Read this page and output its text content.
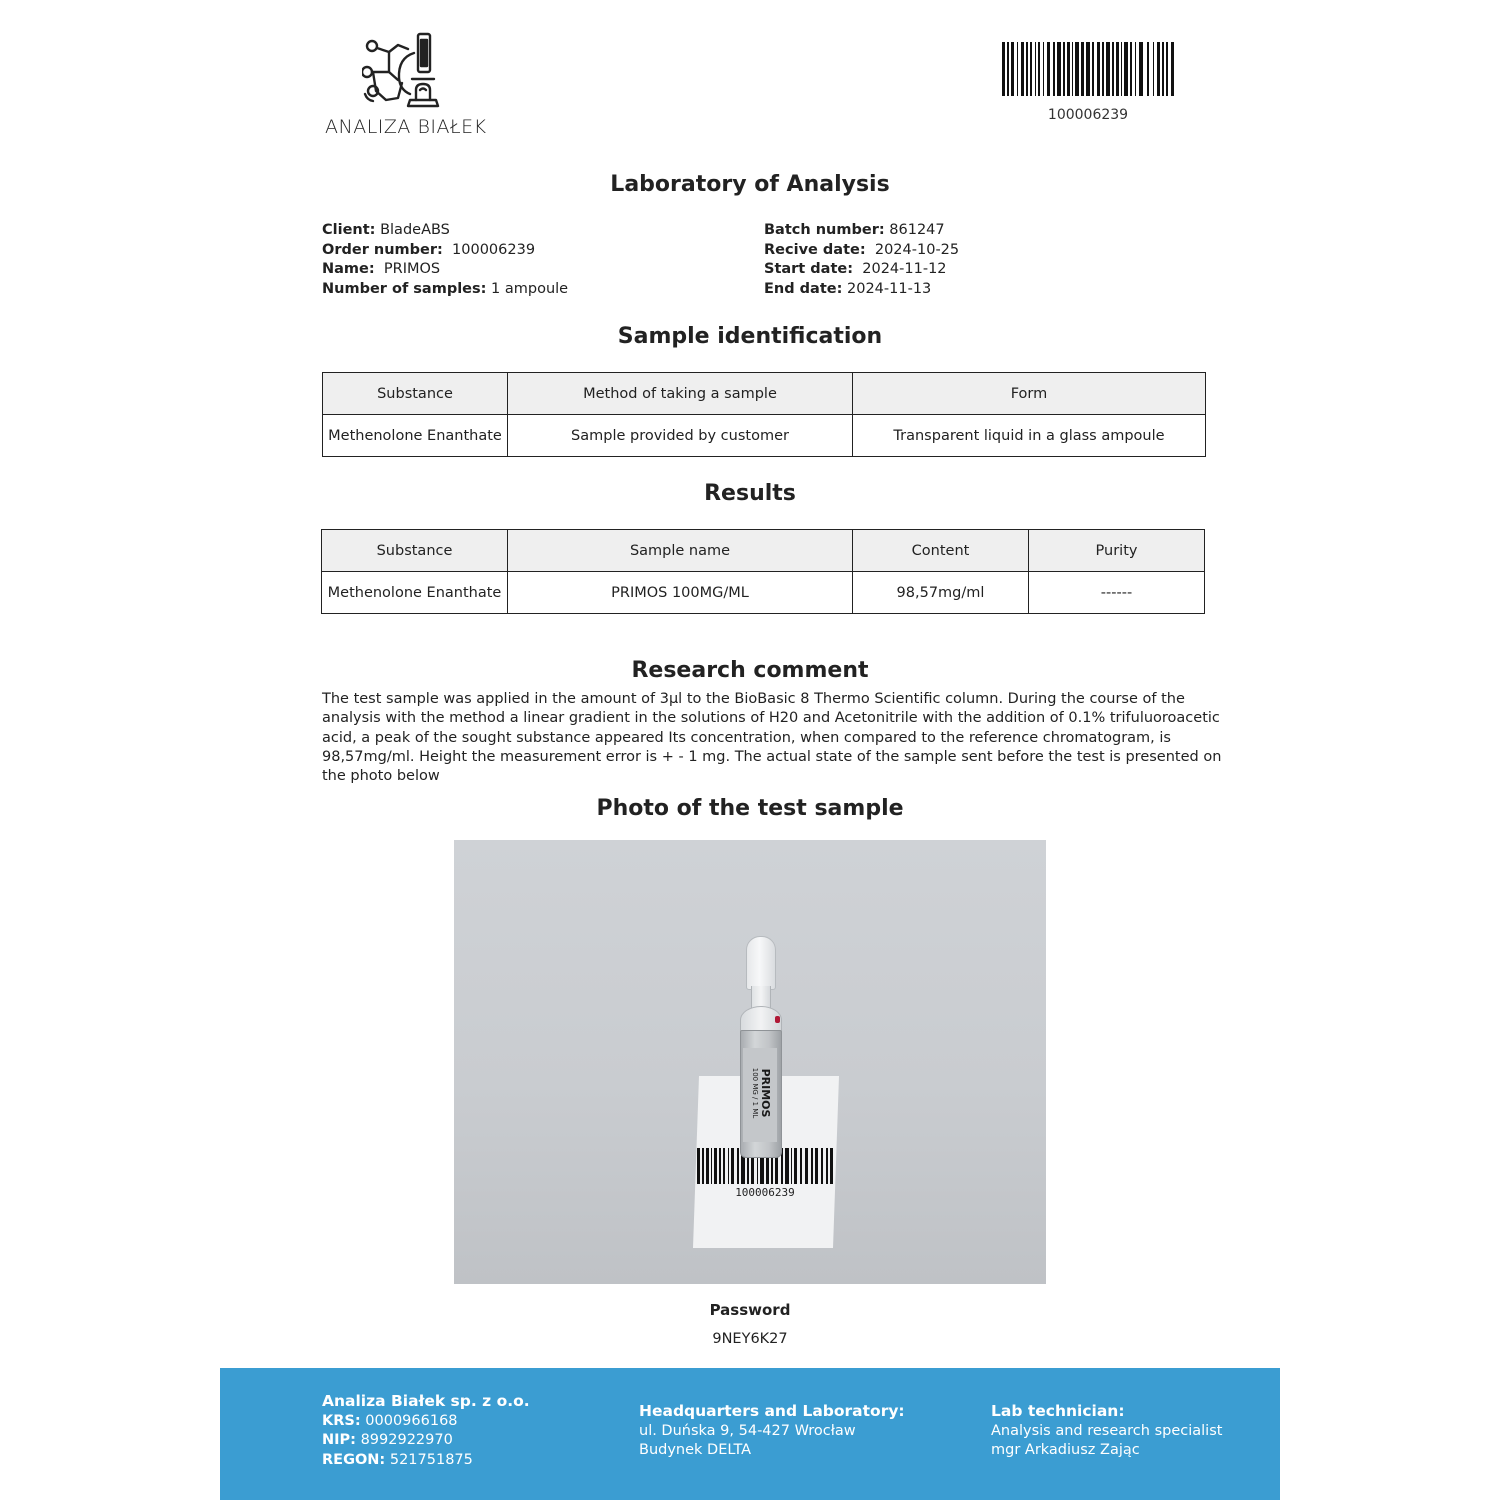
ANALIZA BIAŁEK
100006239
Laboratory of Analysis
Client: BladeABS
Order number: 100006239
Name: PRIMOS
Number of samples: 1 ampoule
Batch number: 861247
Recive date: 2024-10-25
Start date: 2024-11-12
End date: 2024-11-13
Sample identification
Substance	Method of taking a sample	Form
Methenolone Enanthate	Sample provided by customer	Transparent liquid in a glass ampoule
Results
Substance	Sample name	Content	Purity
Methenolone Enanthate	PRIMOS 100MG/ML	98,57mg/ml	------
Research comment
The test sample was applied in the amount of 3µl to the BioBasic 8 Thermo Scientific column. During the course of the analysis with the method a linear gradient in the solutions of H20 and Acetonitrile with the addition of 0.1% trifuluoroacetic acid, a peak of the sought substance appeared Its concentration, when compared to the reference chromatogram, is 98,57mg/ml. Height the measurement error is + - 1 mg. The actual state of the sample sent before the test is presented on the photo below
Photo of the test sample
100006239
PRIMOS
100 MG / 1 ML
Password
9NEY6K27
Analiza Białek sp. z o.o.
KRS: 0000966168
NIP: 8992922970
REGON: 521751875
Headquarters and Laboratory:
ul. Duńska 9, 54-427 Wrocław
Budynek DELTA
Lab technician:
Analysis and research specialist
mgr Arkadiusz Zając
